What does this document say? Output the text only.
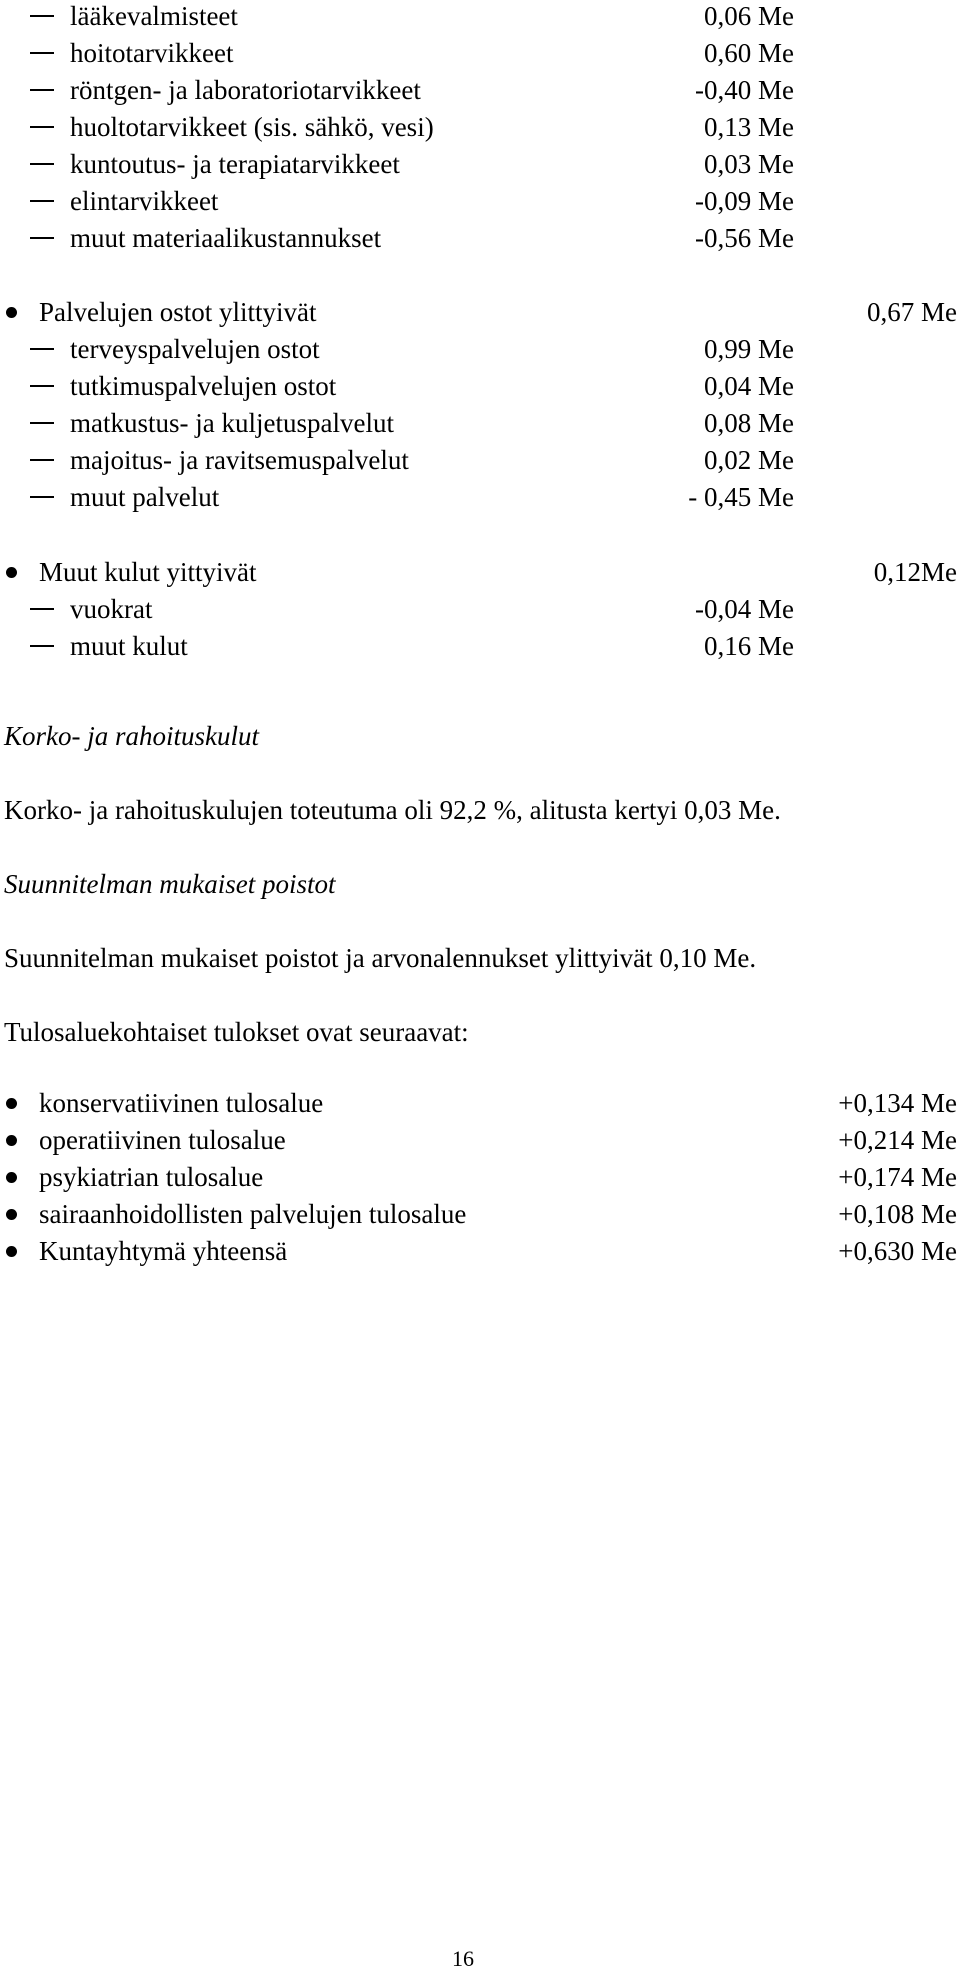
lääkevalmisteet	0,06 Me
hoitotarvikkeet	0,60 Me
röntgen- ja laboratoriotarvikkeet	-0,40 Me
huoltotarvikkeet (sis. sähkö, vesi)	0,13 Me
kuntoutus- ja terapiatarvikkeet	0,03 Me
elintarvikkeet	-0,09 Me
muut materiaalikustannukset	-0,56 Me
Palvelujen ostot ylittyivät	0,67 Me
terveyspalvelujen ostot	0,99 Me
tutkimuspalvelujen ostot	0,04 Me
matkustus- ja kuljetuspalvelut	0,08 Me
majoitus- ja ravitsemuspalvelut	0,02 Me
muut palvelut	- 0,45 Me
Muut kulut yittyivät	0,12Me
vuokrat	-0,04 Me
muut kulut	0,16 Me
Korko- ja rahoituskulut
Korko- ja rahoituskulujen toteutuma oli 92,2 %, alitusta kertyi 0,03 Me.
Suunnitelman mukaiset poistot
Suunnitelman mukaiset poistot ja arvonalennukset ylittyivät 0,10 Me.
Tulosaluekohtaiset tulokset ovat seuraavat:
konservatiivinen tulosalue	+0,134 Me
operatiivinen tulosalue	+0,214 Me
psykiatrian tulosalue	+0,174 Me
sairaanhoidollisten palvelujen tulosalue	+0,108 Me
Kuntayhtymä yhteensä	+0,630 Me
16
